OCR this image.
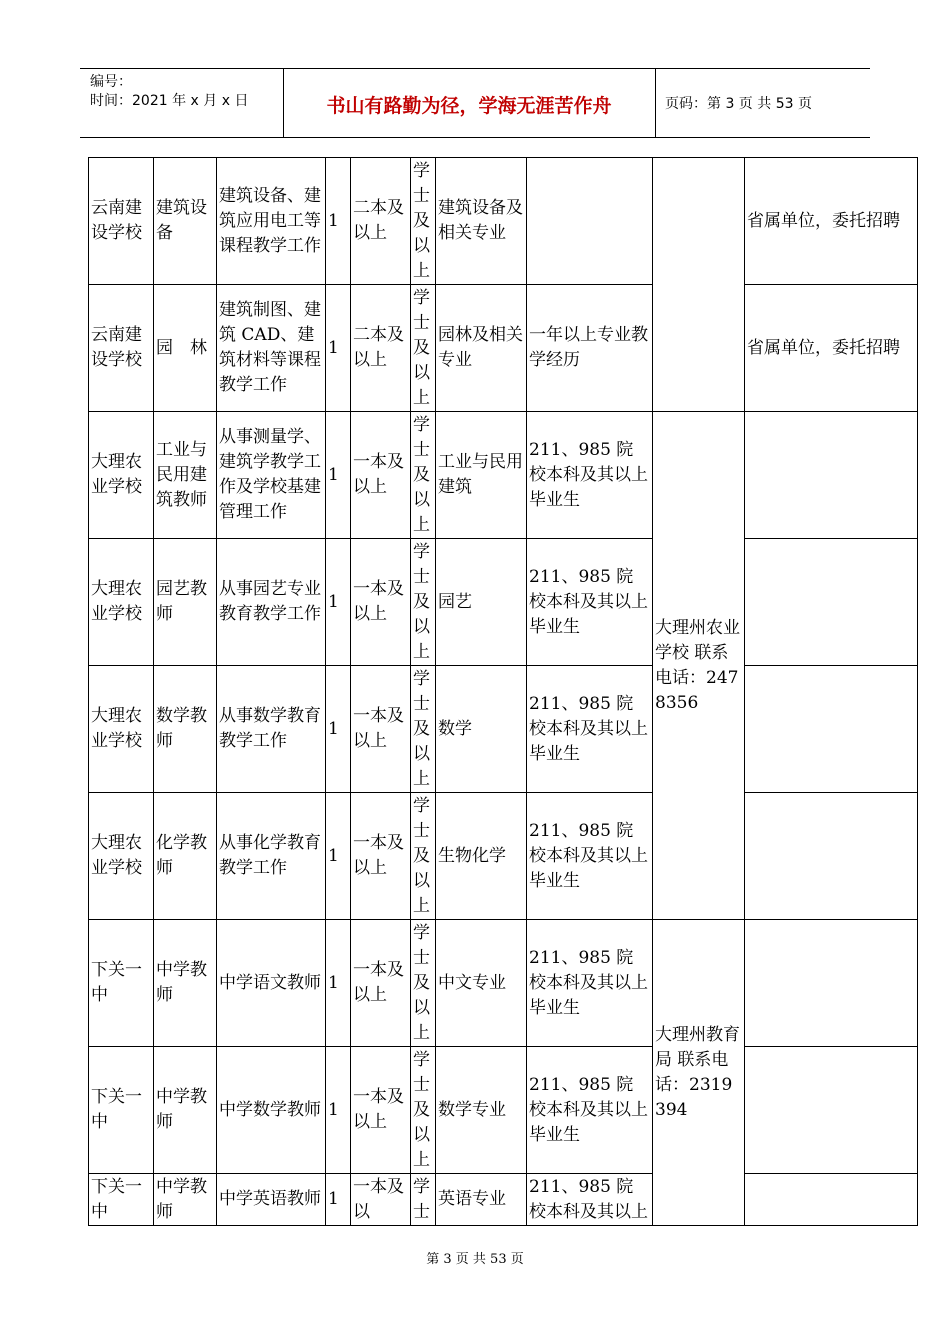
编号：
时间：2021 年 x 月 x 日	书山有路勤为径，学海无涯苦作舟	页码：第 3 页 共 53 页
云南建设学校	建筑设备	建筑设备、建筑应用电工等课程教学工作	1	二本及以上	学士及以上	建筑设备及相关专业			省属单位，委托招聘
云南建设学校	园　林	建筑制图、建筑 CAD、建筑材料等课程教学工作	1	二本及以上	学士及以上	园林及相关专业	一年以上专业教学经历		省属单位，委托招聘
大理农业学校	工业与民用建筑教师	从事测量学、建筑学教学工作及学校基建管理工作	1	一本及以上	学士及以上	工业与民用建筑	211、985 院校本科及其以上毕业生	大理州农业学校 联系电话：2478356	
大理农业学校	园艺教师	从事园艺专业教育教学工作	1	一本及以上	学士及以上	园艺	211、985 院校本科及其以上毕业生		
大理农业学校	数学教师	从事数学教育教学工作	1	一本及以上	学士及以上	数学	211、985 院校本科及其以上毕业生		
大理农业学校	化学教师	从事化学教育教学工作	1	一本及以上	学士及以上	生物化学	211、985 院校本科及其以上毕业生		
下关一中	中学教师	中学语文教师	1	一本及以上	学士及以上	中文专业	211、985 院校本科及其以上毕业生	大理州教育局 联系电话：2319394	
下关一中	中学教师	中学数学教师	1	一本及以上	学士及以上	数学专业	211、985 院校本科及其以上毕业生		
下关一中	中学教师	中学英语教师	1	一本及以	学士	英语专业	211、985 院校本科及其以上		
第 3 页 共 53 页
